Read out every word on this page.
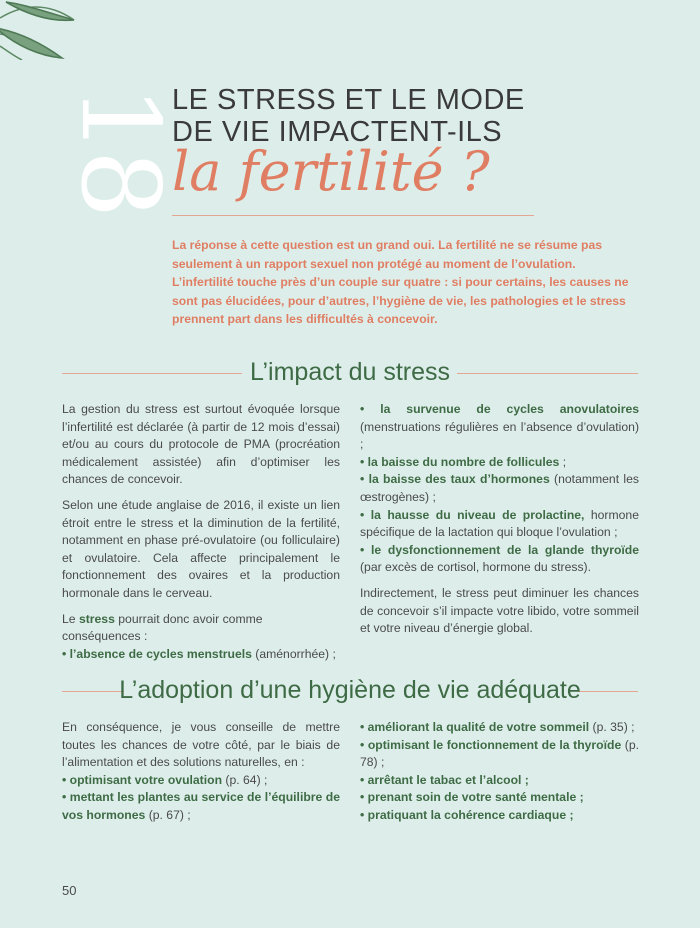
18
LE STRESS ET LE MODE
DE VIE IMPACTENT-ILS
la fertilité ?
La réponse à cette question est un grand oui. La fertilité ne se résume pas seulement à un rapport sexuel non protégé au moment de l’ovulation. L’infertilité touche près d’un couple sur quatre : si pour certains, les causes ne sont pas élucidées, pour d’autres, l’hygiène de vie, les pathologies et le stress prennent part dans les difficultés à concevoir.
L’impact du stress

La gestion du stress est surtout évoquée lorsque l’infertilité est déclarée (à partir de 12 mois d’essai) et/ou au cours du protocole de PMA (procréation médicalement assistée) afin d’optimiser les chances de concevoir.

Selon une étude anglaise de 2016, il existe un lien étroit entre le stress et la diminution de la fertilité, notamment en phase pré-ovulatoire (ou folliculaire) et ovulatoire. Cela affecte principalement le fonctionnement des ovaires et la production hormonale dans le cerveau.

Le stress pourrait donc avoir comme conséquences :

• l’absence de cycles menstruels (aménorrhée) ;

• la survenue de cycles anovulatoires (menstruations régulières en l’absence d’ovulation) ;

• la baisse du nombre de follicules ;

• la baisse des taux d’hormones (notamment les œstrogènes) ;

• la hausse du niveau de prolactine, hormone spécifique de la lactation qui bloque l’ovulation ;

• le dysfonctionnement de la glande thyroïde (par excès de cortisol, hormone du stress).

Indirectement, le stress peut diminuer les chances de concevoir s’il impacte votre libido, votre sommeil et votre niveau d’énergie global.

L’adoption d’une hygiène de vie adéquate

En conséquence, je vous conseille de mettre toutes les chances de votre côté, par le biais de l’alimentation et des solutions naturelles, en :

• optimisant votre ovulation (p. 64) ;

• mettant les plantes au service de l’équilibre de vos hormones (p. 67) ;

• améliorant la qualité de votre sommeil (p. 35) ;

• optimisant le fonctionnement de la thyroïde (p. 78) ;

• arrêtant le tabac et l’alcool ;

• prenant soin de votre santé mentale ;

• pratiquant la cohérence cardiaque ;

50
